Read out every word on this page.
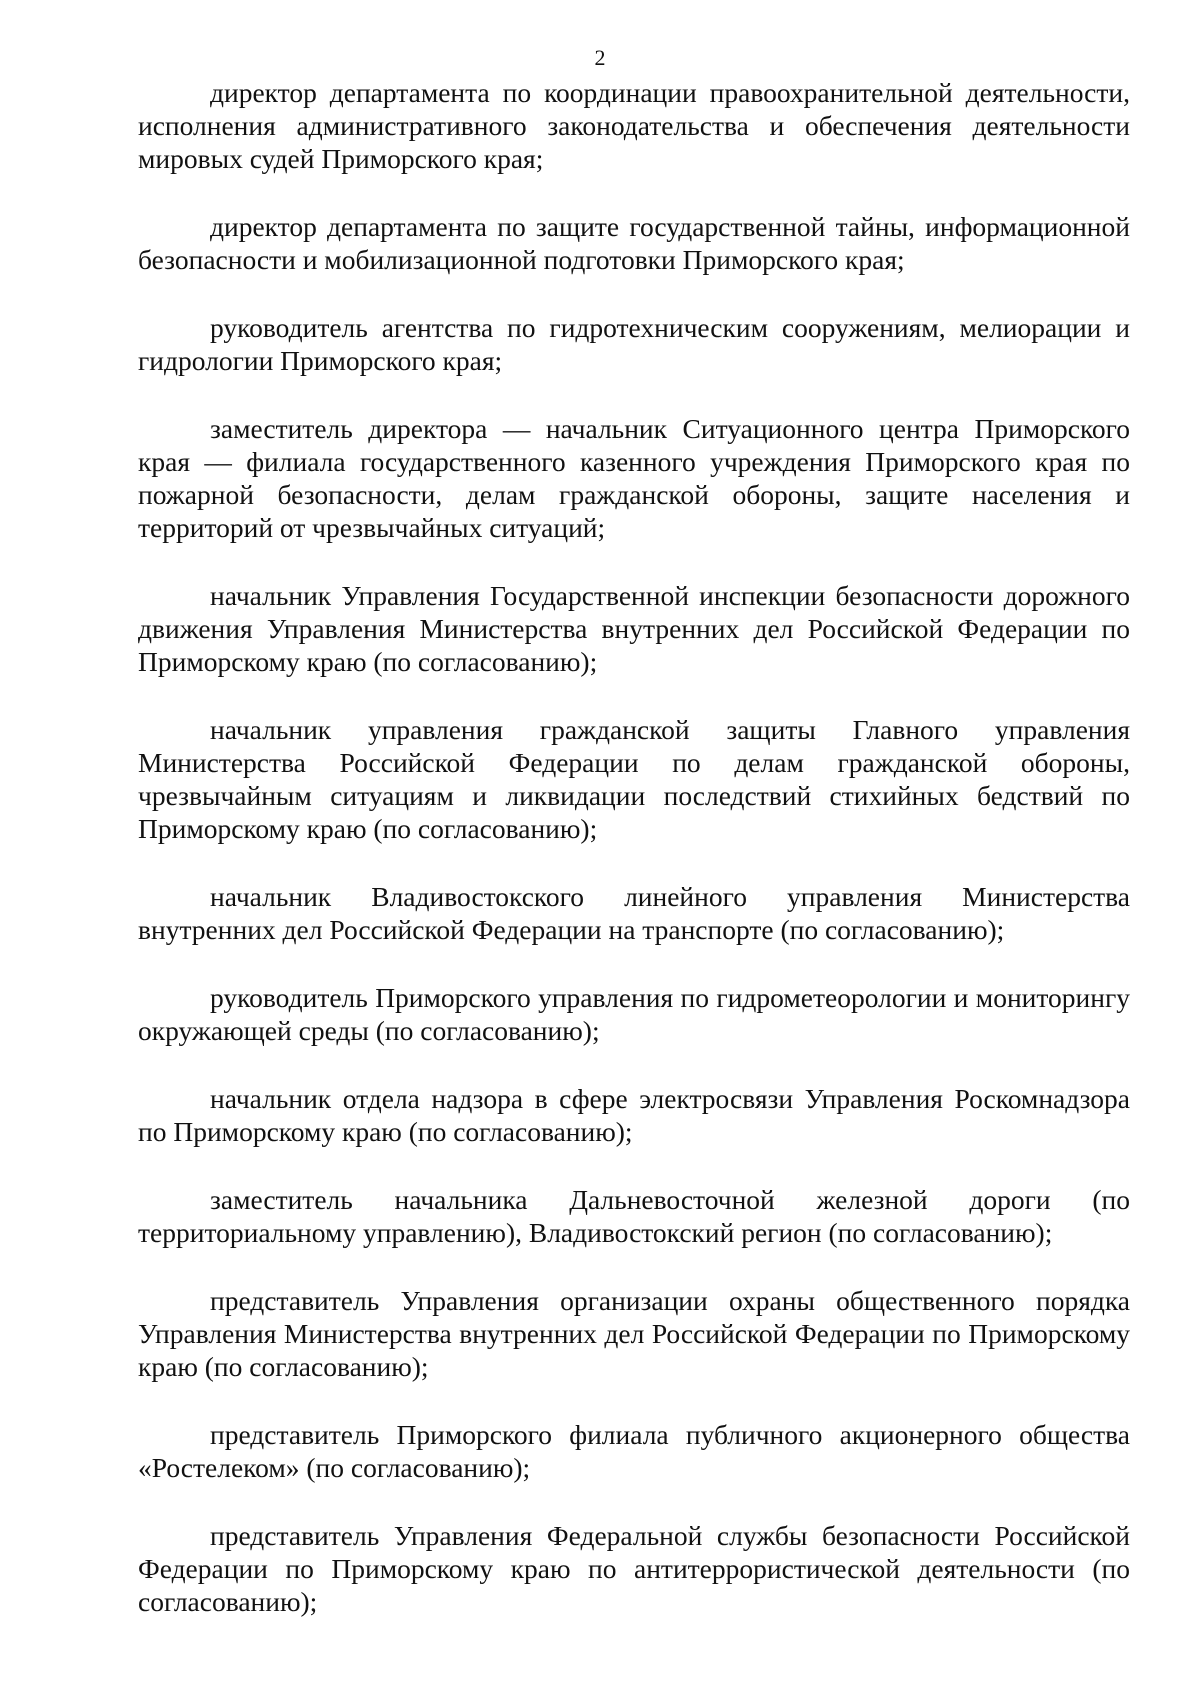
2

директор департамента по координации правоохранительной деятельности, исполнения административного законодательства и обеспечения деятельности мировых судей Приморского края;

директор департамента по защите государственной тайны, информационной безопасности и мобилизационной подготовки Приморского края;

руководитель агентства по гидротехническим сооружениям, мелиорации и гидрологии Приморского края;

заместитель директора — начальник Ситуационного центра Приморского края — филиала государственного казенного учреждения Приморского края по пожарной безопасности, делам гражданской обороны, защите населения и территорий от чрезвычайных ситуаций;

начальник Управления Государственной инспекции безопасности дорожного движения Управления Министерства внутренних дел Российской Федерации по Приморскому краю (по согласованию);

начальник управления гражданской защиты Главного управления Министерства Российской Федерации по делам гражданской обороны, чрезвычайным ситуациям и ликвидации последствий стихийных бедствий по Приморскому краю (по согласованию);

начальник Владивостокского линейного управления Министерства внутренних дел Российской Федерации на транспорте (по согласованию);

руководитель Приморского управления по гидрометеорологии и мониторингу окружающей среды (по согласованию);

начальник отдела надзора в сфере электросвязи Управления Роскомнадзора по Приморскому краю (по согласованию);

заместитель начальника Дальневосточной железной дороги (по территориальному управлению), Владивостокский регион (по согласованию);

представитель Управления организации охраны общественного порядка Управления Министерства внутренних дел Российской Федерации по Приморскому краю (по согласованию);

представитель Приморского филиала публичного акционерного общества «Ростелеком» (по согласованию);

представитель Управления Федеральной службы безопасности Российской Федерации по Приморскому краю по антитеррористической деятельности (по согласованию);
